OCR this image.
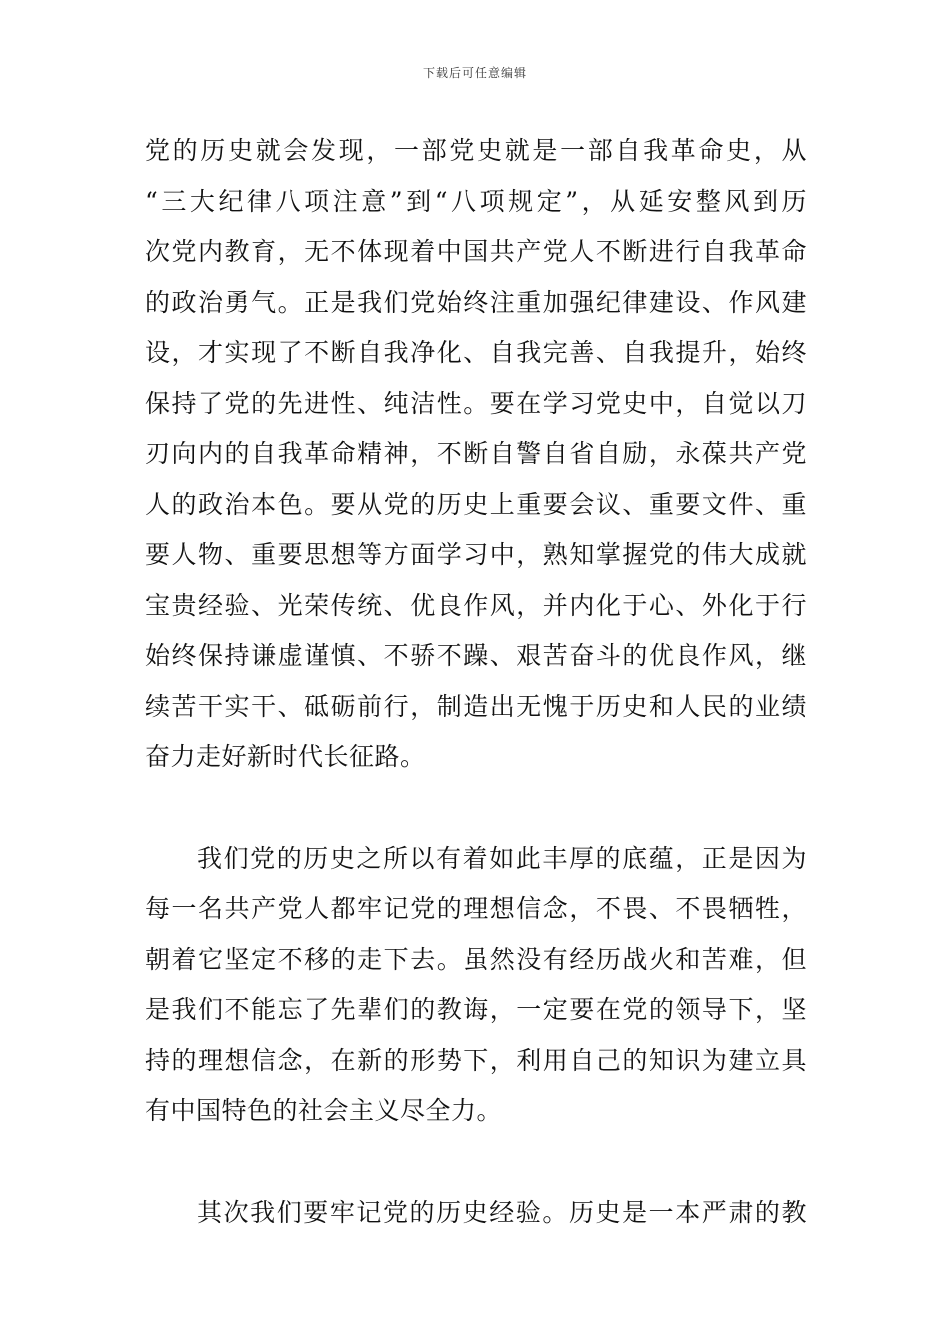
下载后可任意编辑
党的历史就会发现，一部党史就是一部自我革命史，从
“三大纪律八项注意”到“八项规定”，从延安整风到历
次党内教育，无不体现着中国共产党人不断进行自我革命
的政治勇气。正是我们党始终注重加强纪律建设、作风建
设，才实现了不断自我净化、自我完善、自我提升，始终
保持了党的先进性、纯洁性。要在学习党史中，自觉以刀
刃向内的自我革命精神，不断自警自省自励，永葆共产党
人的政治本色。要从党的历史上重要会议、重要文件、重
要人物、重要思想等方面学习中，熟知掌握党的伟大成就
宝贵经验、光荣传统、优良作风，并内化于心、外化于行
始终保持谦虚谨慎、不骄不躁、艰苦奋斗的优良作风，继
续苦干实干、砥砺前行，制造出无愧于历史和人民的业绩
奋力走好新时代长征路。
我们党的历史之所以有着如此丰厚的底蕴，正是因为
每一名共产党人都牢记党的理想信念，不畏、不畏牺牲，
朝着它坚定不移的走下去。虽然没有经历战火和苦难，但
是我们不能忘了先辈们的教诲，一定要在党的领导下，坚
持的理想信念，在新的形势下，利用自己的知识为建立具
有中国特色的社会主义尽全力。
其次我们要牢记党的历史经验。历史是一本严肃的教
